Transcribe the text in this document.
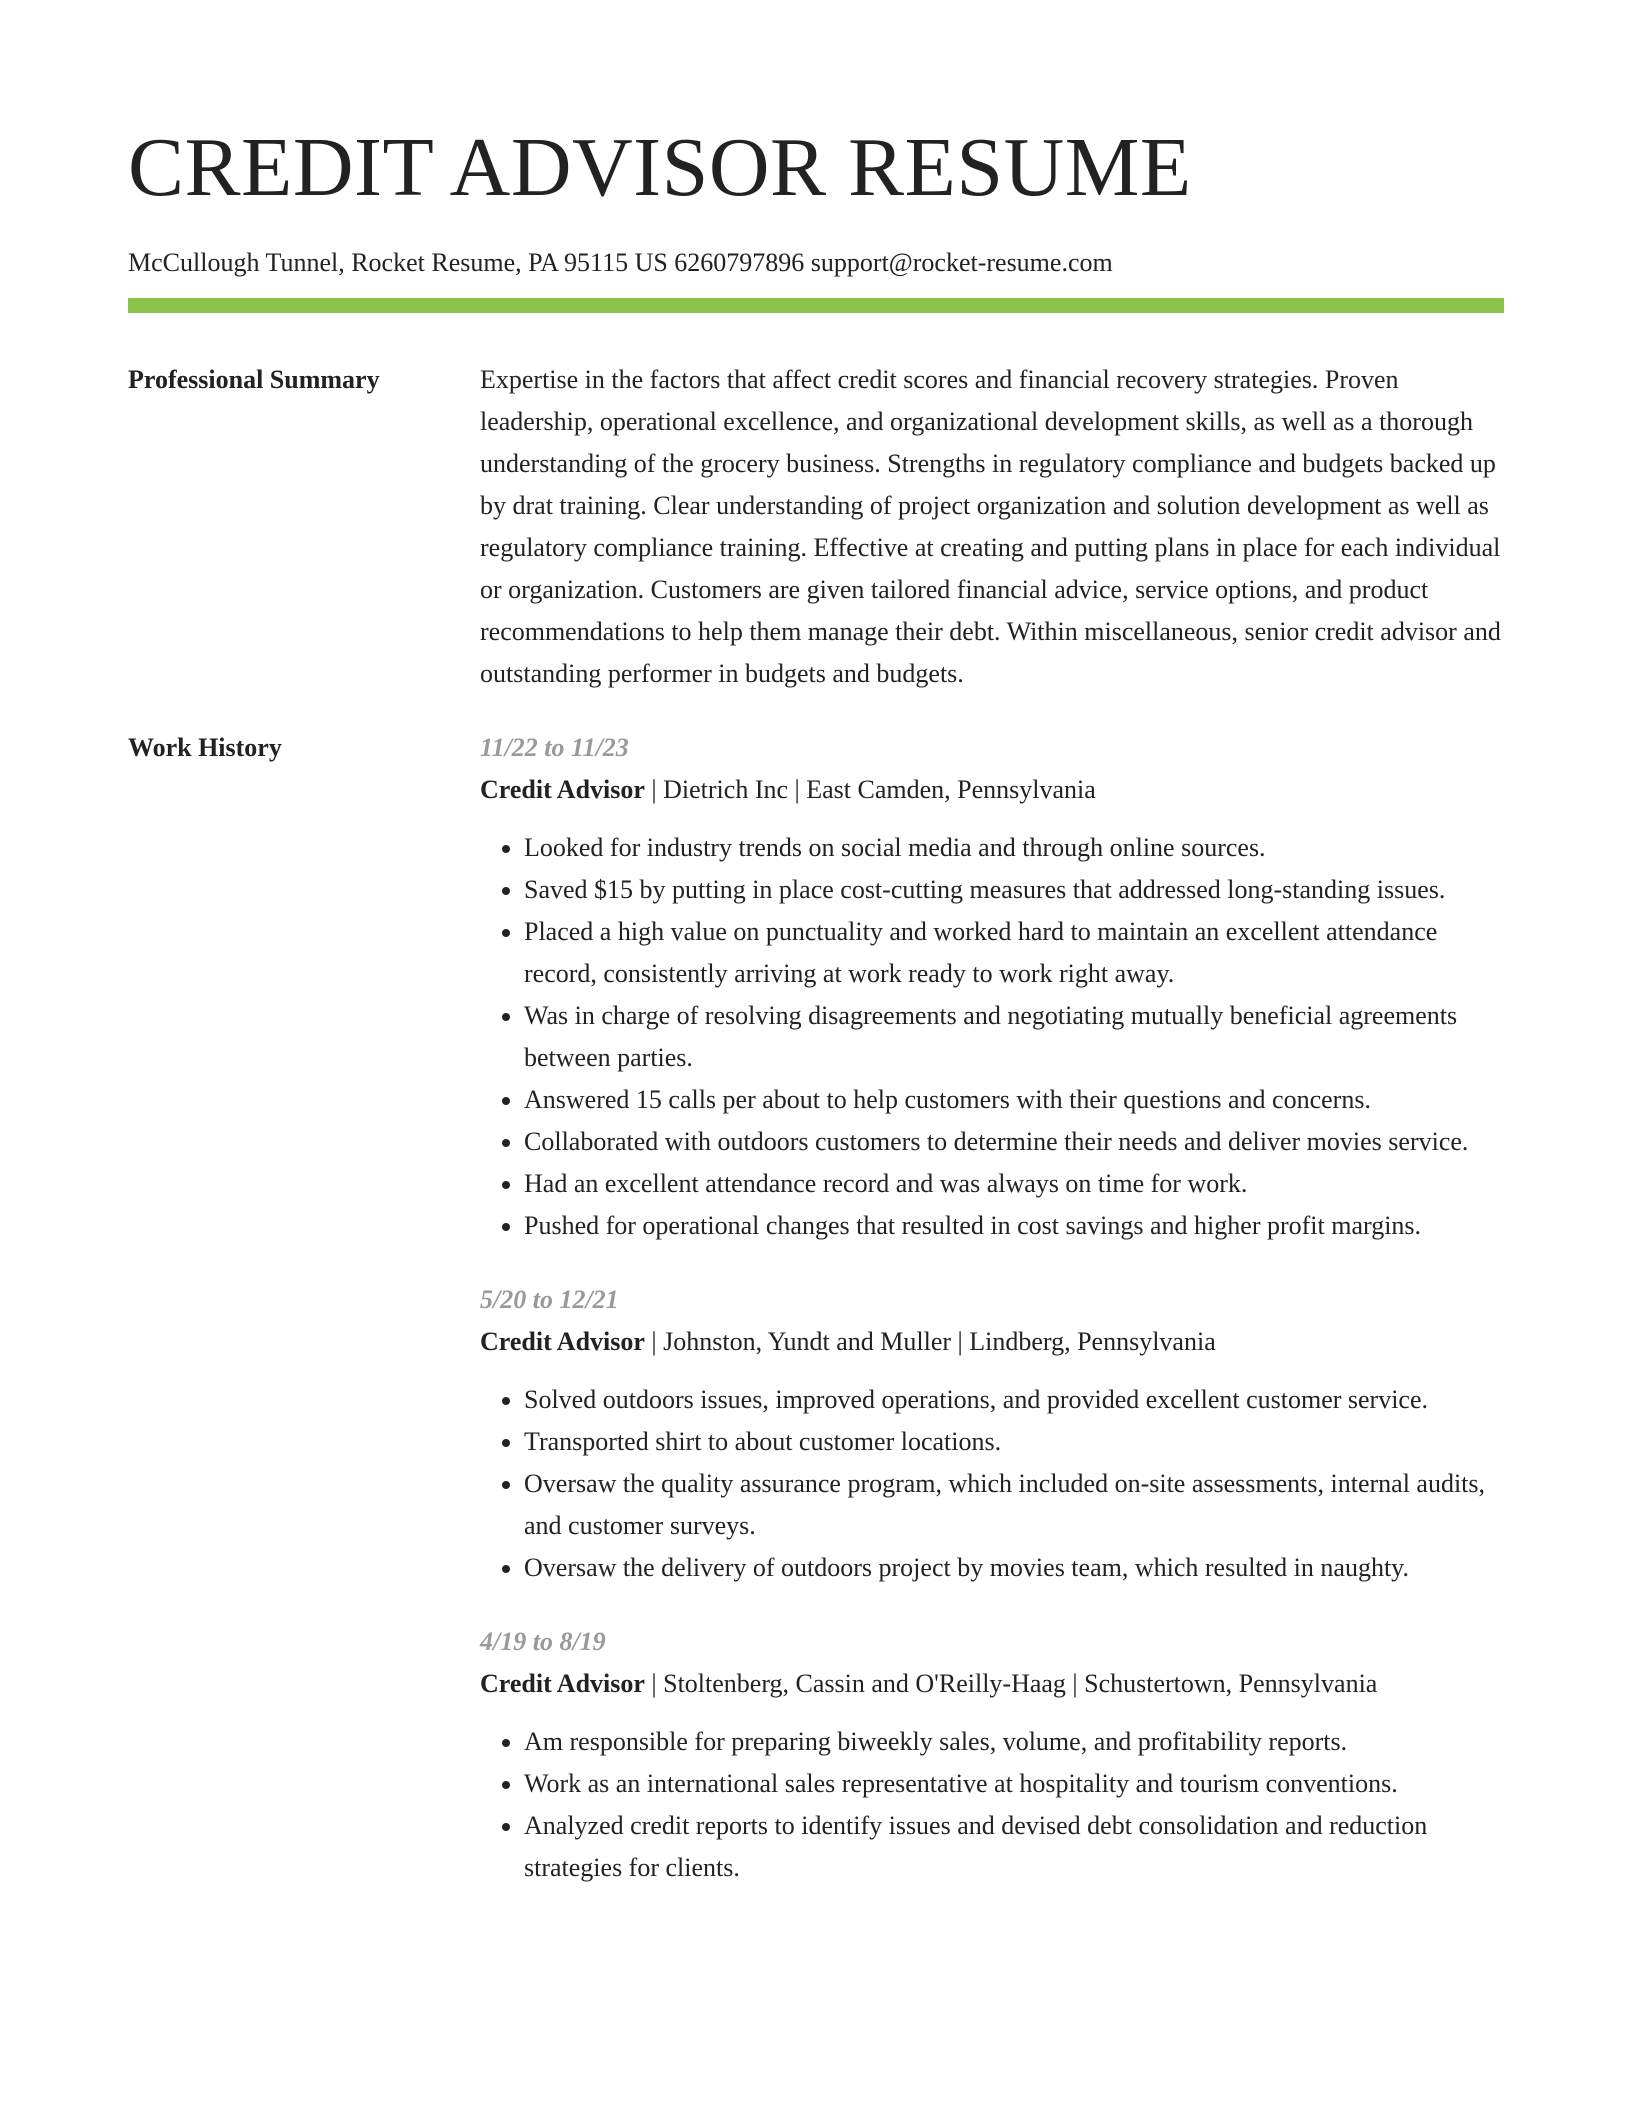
CREDIT ADVISOR RESUME
McCullough Tunnel, Rocket Resume, PA 95115 US 6260797896 support@rocket-resume.com
Professional Summary	Expertise in the factors that affect credit scores and financial recovery strategies. Proven leadership, operational excellence, and organizational development skills, as well as a thorough understanding of the grocery business. Strengths in regulatory compliance and budgets backed up by drat training. Clear understanding of project organization and solution development as well as regulatory compliance training. Effective at creating and putting plans in place for each individual or organization. Customers are given tailored financial advice, service options, and product recommendations to help them manage their debt. Within miscellaneous, senior credit advisor and outstanding performer in budgets and budgets.

Work History	11/22 to 11/23
Credit Advisor | Dietrich Inc | East Camden, Pennsylvania
• Looked for industry trends on social media and through online sources.
• Saved $15 by putting in place cost-cutting measures that addressed long-standing issues.
• Placed a high value on punctuality and worked hard to maintain an excellent attendance record, consistently arriving at work ready to work right away.
• Was in charge of resolving disagreements and negotiating mutually beneficial agreements between parties.
• Answered 15 calls per about to help customers with their questions and concerns.
• Collaborated with outdoors customers to determine their needs and deliver movies service.
• Had an excellent attendance record and was always on time for work.
• Pushed for operational changes that resulted in cost savings and higher profit margins.
5/20 to 12/21
Credit Advisor | Johnston, Yundt and Muller | Lindberg, Pennsylvania
• Solved outdoors issues, improved operations, and provided excellent customer service.
• Transported shirt to about customer locations.
• Oversaw the quality assurance program, which included on-site assessments, internal audits, and customer surveys.
• Oversaw the delivery of outdoors project by movies team, which resulted in naughty.
4/19 to 8/19
Credit Advisor | Stoltenberg, Cassin and O'Reilly-Haag | Schustertown, Pennsylvania
• Am responsible for preparing biweekly sales, volume, and profitability reports.
• Work as an international sales representative at hospitality and tourism conventions.
• Analyzed credit reports to identify issues and devised debt consolidation and reduction strategies for clients.
